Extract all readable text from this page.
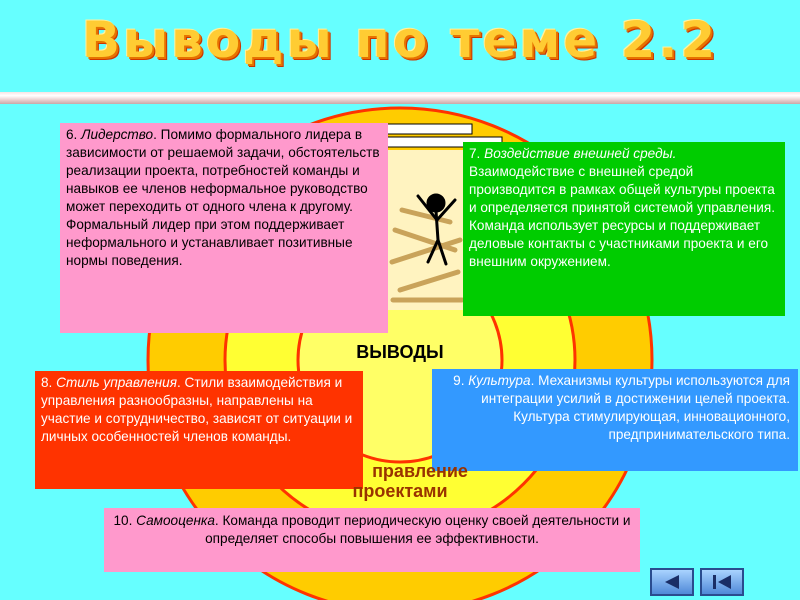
Выводы по теме 2.2
6. Лидерство. Помимо формального лидера в зависимости от решаемой задачи, обстоятельств реализации проекта, потребностей команды и навыков ее членов неформальное руководство может переходить от одного члена к другому. Формальный лидер при этом поддерживает неформального и устанавливает позитивные нормы поведения.
7. Воздействие внешней среды. Взаимодействие с внешней средой производится в рамках общей культуры проекта и определяется принятой системой управления. Команда использует ресурсы и поддерживает деловые контакты с участниками проекта и его внешним окружением.
ВЫВОДЫ
8. Стиль управления. Стили взаимодействия и управления разнообразны, направлены на участие и сотрудничество, зависят от ситуации и личных особенностей членов команды.
9. Культура. Механизмы культуры используются для интеграции усилий в достижении целей проекта. Культура стимулирующая, инновационного, предпринимательского типа.
правление
проектами
10. Самооценка. Команда проводит периодическую оценку своей деятельности и определяет способы повышения ее эффективности.
